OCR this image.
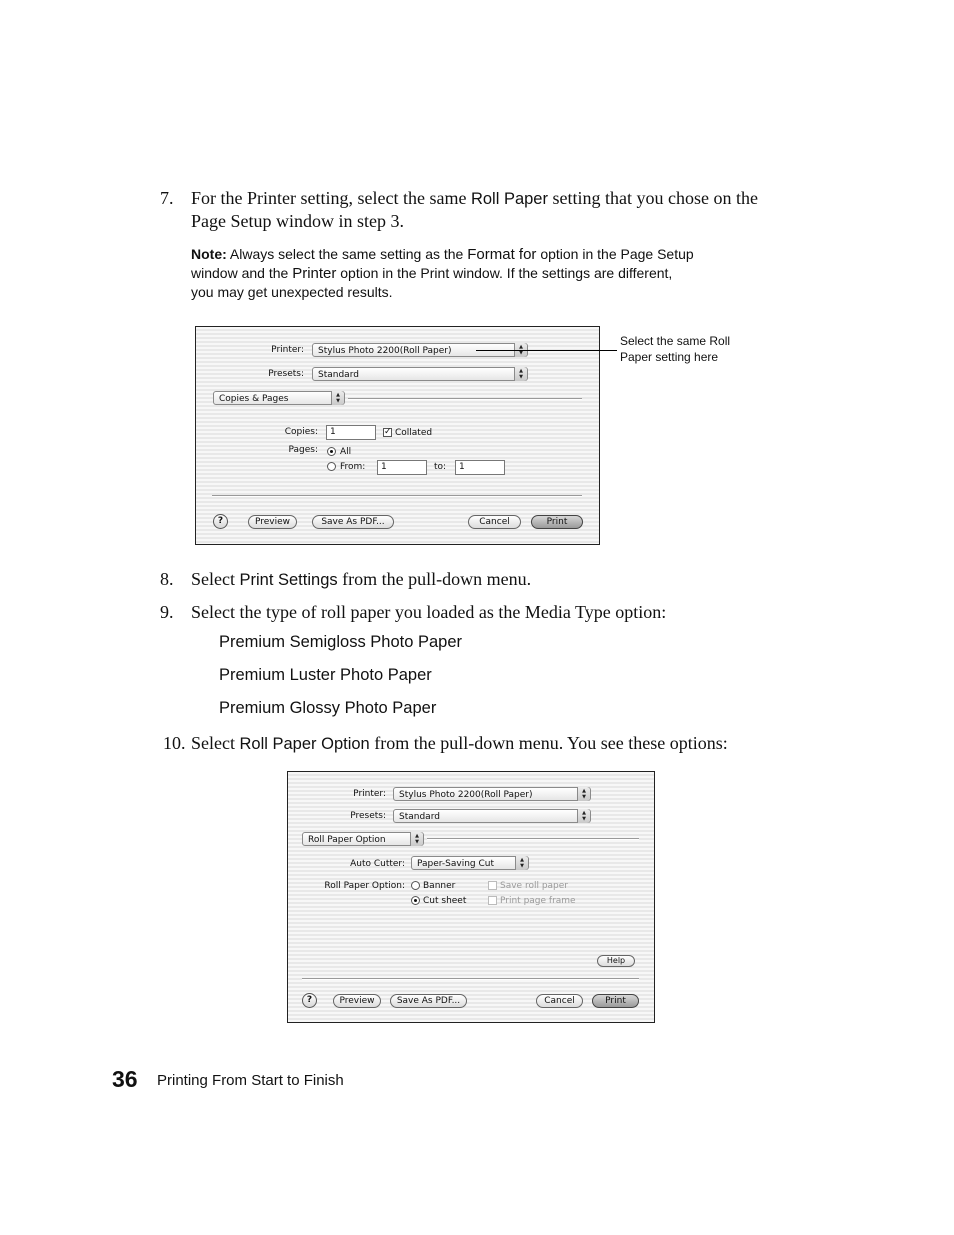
7. For the Printer setting, select the same Roll Paper setting that you chose on the
Page Setup window in step 3.
Note: Always select the same setting as the Format for option in the Page Setup
window and the Printer option in the Print window. If the settings are different,
you may get unexpected results.
Printer:	Stylus Photo 2200(Roll Paper)	▲
▼
Presets:	Standard	▲
▼
Copies & Pages	▲
▼
Copies:	1	✓ Collated
Pages: All
From:	1	to:	1
?	Preview	Save As PDF...	Cancel	Print
Select the same Roll
Paper setting here
8. Select Print Settings from the pull-down menu.
9. Select the type of roll paper you loaded as the Media Type option:
Premium Semigloss Photo Paper
Premium Luster Photo Paper
Premium Glossy Photo Paper
10. Select Roll Paper Option from the pull-down menu. You see these options:
Printer:	Stylus Photo 2200(Roll Paper)	▲
▼
Presets:	Standard	▲
▼
Roll Paper Option	▲
▼
Auto Cutter:	Paper-Saving Cut	▲
▼
Roll Paper Option: Banner
Cut sheet
Save roll paper
Print page frame
Help
?	Preview	Save As PDF...	Cancel	Print
36 Printing From Start to Finish
